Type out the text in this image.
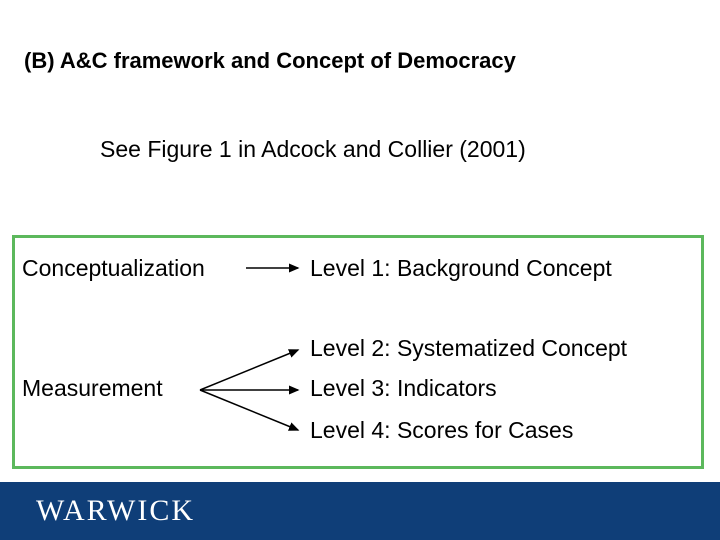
(B) A&C framework and Concept of Democracy
See Figure 1 in Adcock and Collier (2001)
Conceptualization
Measurement
Level 1: Background Concept
Level 2: Systematized Concept
Level 3: Indicators
Level 4: Scores for Cases
WARWICK
